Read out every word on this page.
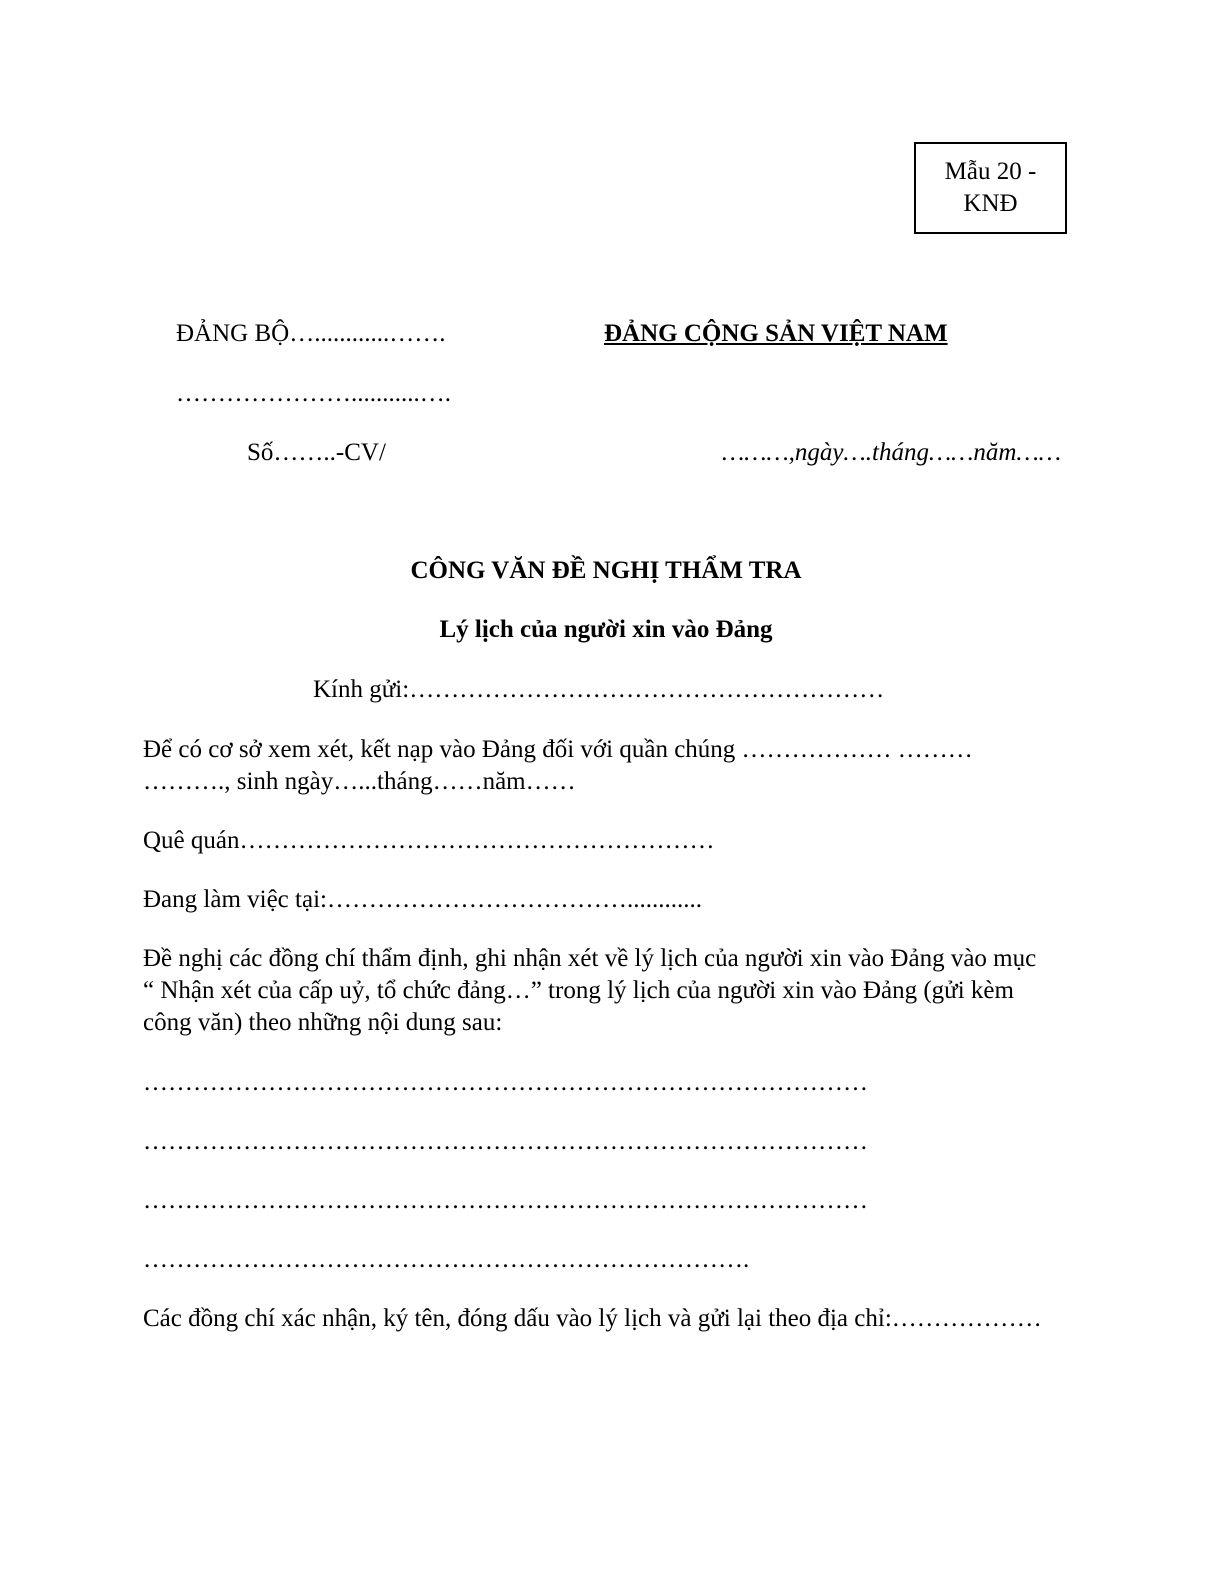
Mẫu 20 -
KNĐ
ĐẢNG BỘ…............…….	ĐẢNG CỘNG SẢN VIỆT NAM
…………………...........….
Số……..-CV/	………,ngày….tháng……năm……
CÔNG VĂN ĐỀ NGHỊ THẨM TRA
Lý lịch của người xin vào Đảng
Kính gửi:…………………………………………………
Để có cơ sở xem xét, kết nạp vào Đảng đối với quần chúng ……………… ………
………., sinh ngày…...tháng……năm……
Quê quán…………………………………………………
Đang làm việc tại:………………………………............
Đề nghị các đồng chí thẩm định, ghi nhận xét về lý lịch của người xin vào Đảng vào mục
“ Nhận xét của cấp uỷ, tổ chức đảng…” trong lý lịch của người xin vào Đảng (gửi kèm
công văn) theo những nội dung sau:
……………………………………………………………………………
……………………………………………………………………………
……………………………………………………………………………
……………………………………………………………….
Các đồng chí xác nhận, ký tên, đóng dấu vào lý lịch và gửi lại theo địa chỉ:………………
